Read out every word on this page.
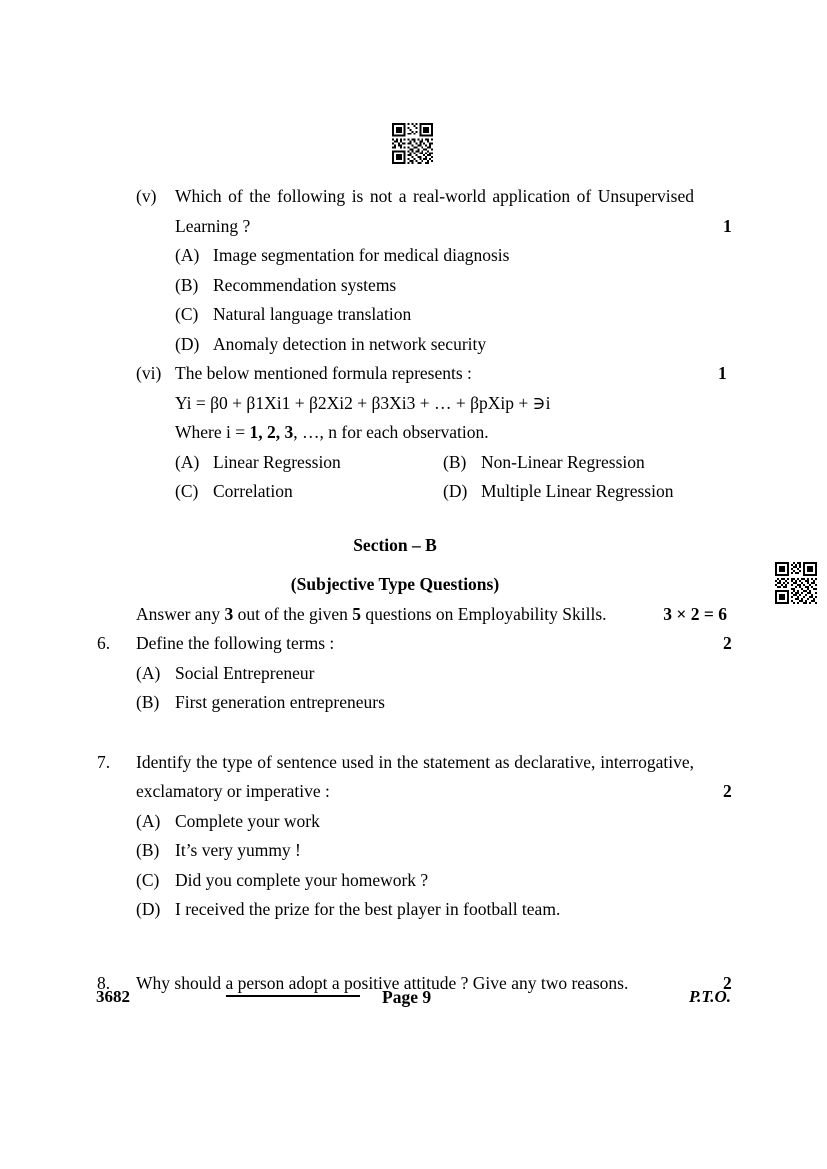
(v) Which of the following is not a real-world application of Unsupervised Learning ?	1
(A) Image segmentation for medical diagnosis
(B) Recommendation systems
(C) Natural language translation
(D) Anomaly detection in network security
(vi) The below mentioned formula represents :	1
Yi = β0 + β1Xi1 + β2Xi2 + β3Xi3 + … + βpXip + ∋i
Where i = 1, 2, 3, …, n for each observation.
(A) Linear Regression	(B) Non-Linear Regression
(C) Correlation	(D) Multiple Linear Regression
Section – B
(Subjective Type Questions)
Answer any 3 out of the given 5 questions on Employability Skills.	3 × 2 = 6
6. Define the following terms :	2
(A) Social Entrepreneur
(B) First generation entrepreneurs
7. Identify the type of sentence used in the statement as declarative, interrogative, exclamatory or imperative :	2
(A) Complete your work
(B) It’s very yummy !
(C) Did you complete your homework ?
(D) I received the prize for the best player in football team.
8. Why should a person adopt a positive attitude ? Give any two reasons.	2
3682	Page 9	P.T.O.
